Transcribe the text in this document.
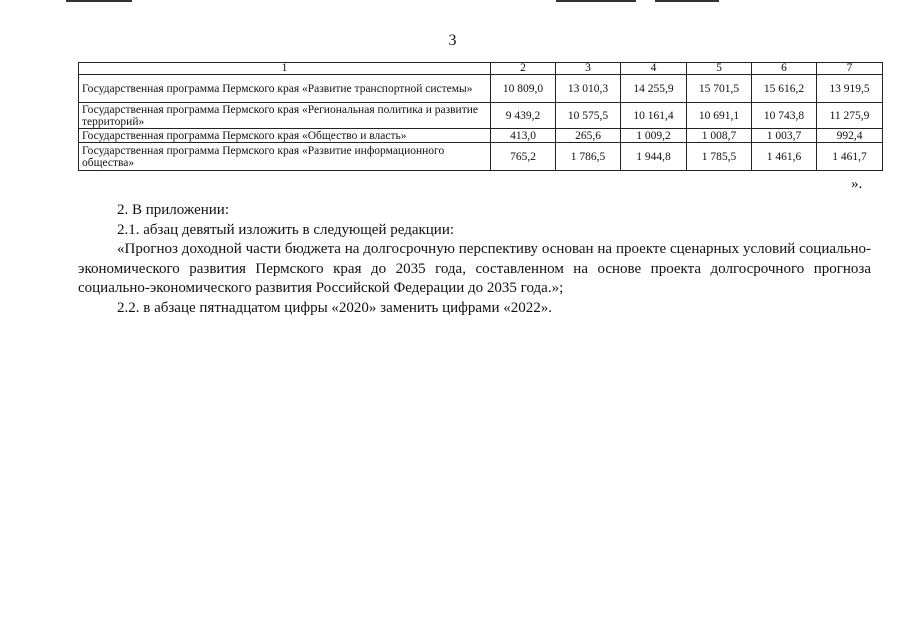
3
1	2	3	4	5	6	7
Государственная программа Пермского края «Развитие транспортной системы»	10 809,0	13 010,3	14 255,9	15 701,5	15 616,2	13 919,5
Государственная программа Пермского края «Региональная политика и развитие территорий»	9 439,2	10 575,5	10 161,4	10 691,1	10 743,8	11 275,9
Государственная программа Пермского края «Общество и власть»	413,0	265,6	1 009,2	1 008,7	1 003,7	992,4
Государственная программа Пермского края «Развитие информационного общества»	765,2	1 786,5	1 944,8	1 785,5	1 461,6	1 461,7
».

2. В приложении:

2.1. абзац девятый изложить в следующей редакции:

«Прогноз доходной части бюджета на долгосрочную перспективу основан на проекте сценарных условий социально-экономического развития Пермского края до 2035 года, составленном на основе проекта долгосрочного прогноза социально-экономического развития Российской Федерации до 2035 года.»;

2.2. в абзаце пятнадцатом цифры «2020» заменить цифрами «2022».
